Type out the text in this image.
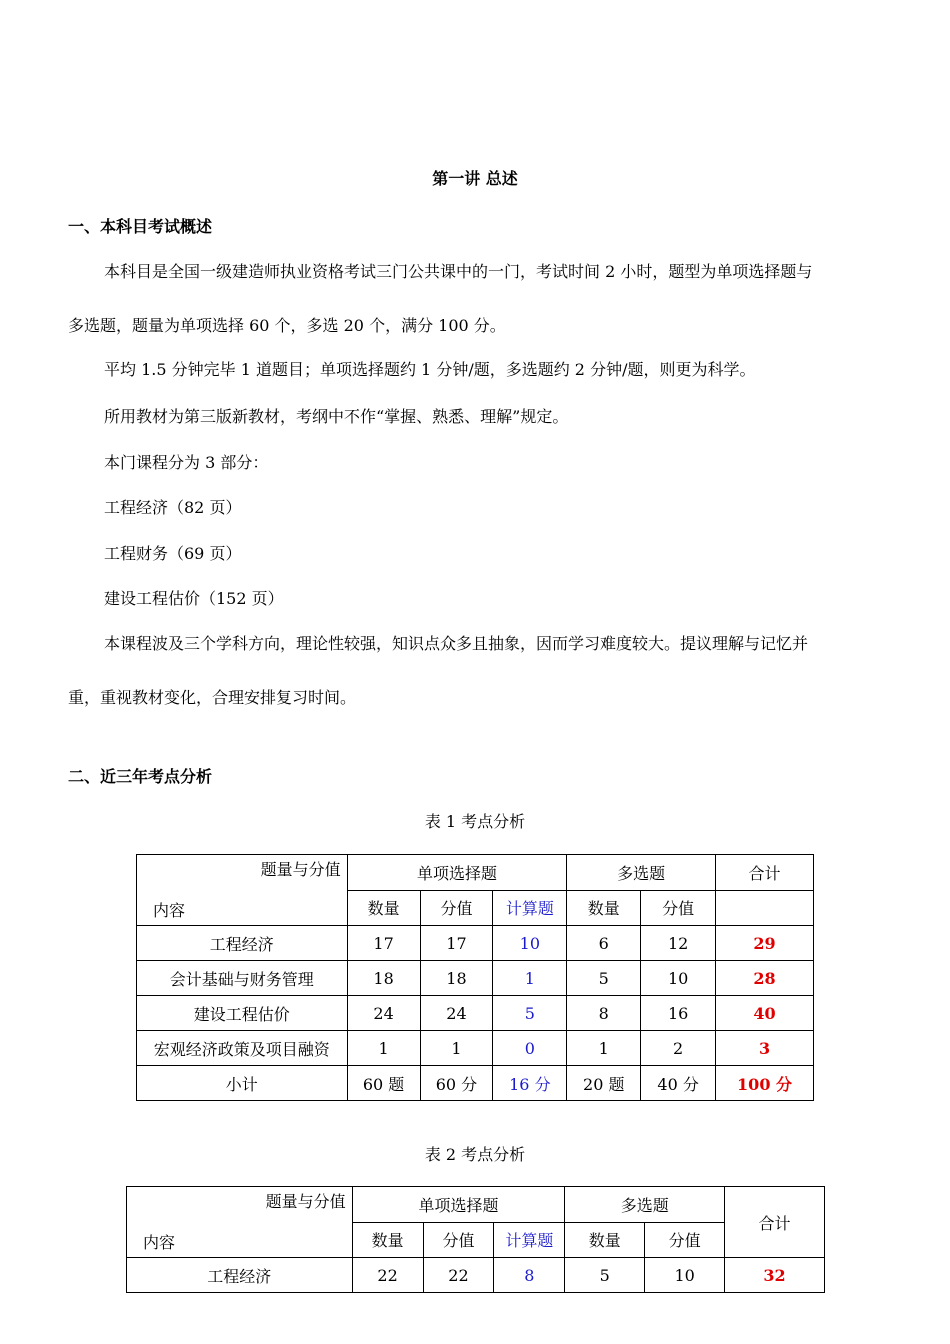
第一讲 总述
一、本科目考试概述
本科目是全国一级建造师执业资格考试三门公共课中的一门，考试时间 2 小时，题型为单项选择题与
多选题，题量为单项选择 60 个，多选 20 个，满分 100 分。
平均 1.5 分钟完毕 1 道题目；单项选择题约 1 分钟/题，多选题约 2 分钟/题，则更为科学。
所用教材为第三版新教材，考纲中不作“掌握、熟悉、理解”规定。
本门课程分为 3 部分：
工程经济（82 页）
工程财务（69 页）
建设工程估价（152 页）
本课程波及三个学科方向，理论性较强，知识点众多且抽象，因而学习难度较大。提议理解与记忆并
重，重视教材变化，合理安排复习时间。
二、近三年考点分析
表 1 考点分析
题量与分值
内容	单项选择题			多选题		合计
	数量	分值	计算题	数量	分值	
工程经济	17	17	10	6	12	29
会计基础与财务管理	18	18	1	5	10	28
建设工程估价	24	24	5	8	16	40
宏观经济政策及项目融资	1	1	0	1	2	3
小计	60 题	60 分	16 分	20 题	40 分	100 分
表 2 考点分析
题量与分值
内容	单项选择题			多选题		合计
	数量	分值	计算题	数量	分值	
工程经济	22	22	8	5	10	32
